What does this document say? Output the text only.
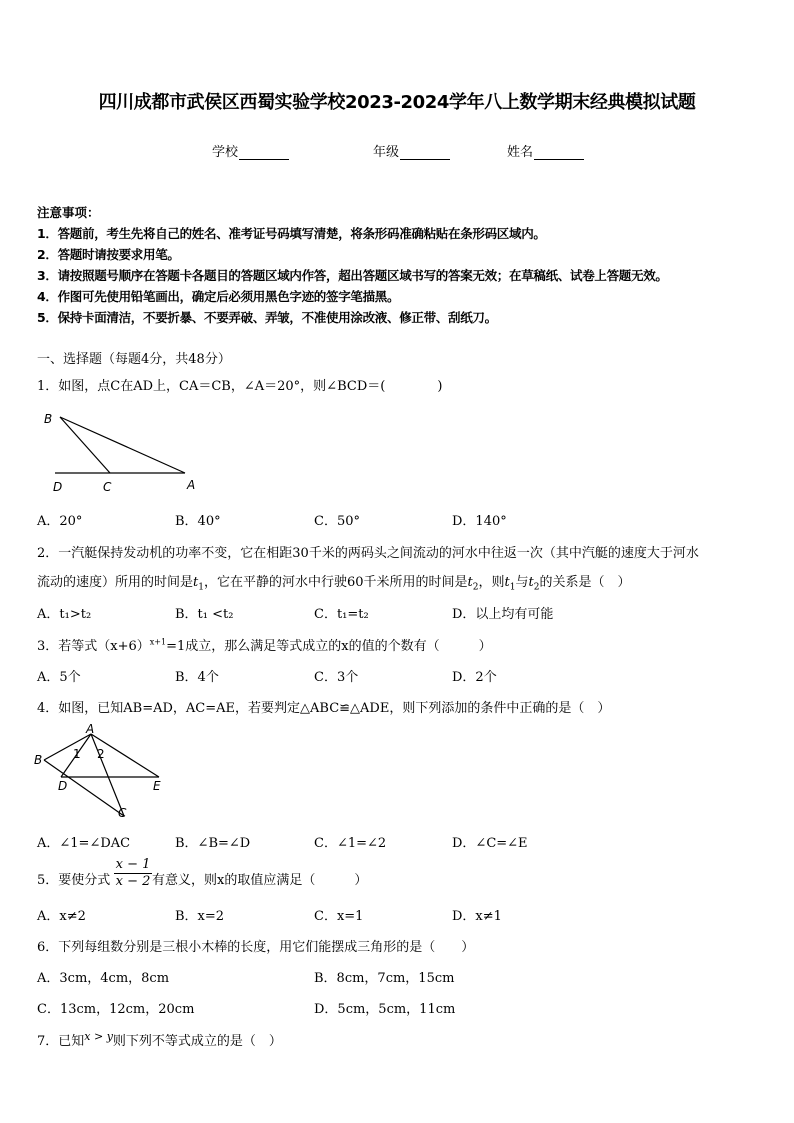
四川成都市武侯区西蜀实验学校2023-2024学年八上数学期末经典模拟试题
学校	年级	姓名
注意事项：
1．答题前，考生先将自己的姓名、准考证号码填写清楚，将条形码准确粘贴在条形码区域内。
2．答题时请按要求用笔。
3．请按照题号顺序在答题卡各题目的答题区域内作答，超出答题区域书写的答案无效；在草稿纸、试卷上答题无效。
4．作图可先使用铅笔画出，确定后必须用黑色字迹的签字笔描黑。
5．保持卡面清洁，不要折暴、不要弄破、弄皱，不准使用涂改液、修正带、刮纸刀。
一、选择题（每题4分，共48分）
1．如图，点C在AD上，CA＝CB，∠A＝20°，则∠BCD＝(　　　　)
B
D	C	A
A．20°	B．40°	C．50°	D．140°
2．一汽艇保持发动机的功率不变，它在相距30千米的两码头之间流动的河水中往返一次（其中汽艇的速度大于河水
流动的速度）所用的时间是$t_1$，它在平静的河水中行驶60千米所用的时间是$t_2$，则$t_1$与$t_2$的关系是（　）
A．t₁>t₂	B．t₁ <t₂	C．t₁=t₂	D．以上均有可能
3．若等式$(x+6)^{x+1}=1$成立，那么满足等式成立的x的值的个数有（　　　）
A．5个	B．4个	C．3个	D．2个
4．如图，已知AB=AD，AC=AE，若要判定△ABC≌△ADE，则下列添加的条件中正确的是（　）
A
B
D	E
C
1 2
A．∠1=∠DAC	B．∠B=∠D	C．∠1=∠2	D．∠C=∠E
5．要使分式 $\frac{x - 1}{x - 2}$ 有意义，则x的取值应满足（　　　）
A．x≠2	B．x=2	C．x=1	D．x≠1
6．下列每组数分别是三根小木棒的长度，用它们能摆成三角形的是（　　）
A．3cm，4cm，8cm	B．8cm，7cm，15cm
C．13cm，12cm，20cm	D．5cm，5cm，11cm
7．已知$^{x > y}$则下列不等式成立的是（　）
